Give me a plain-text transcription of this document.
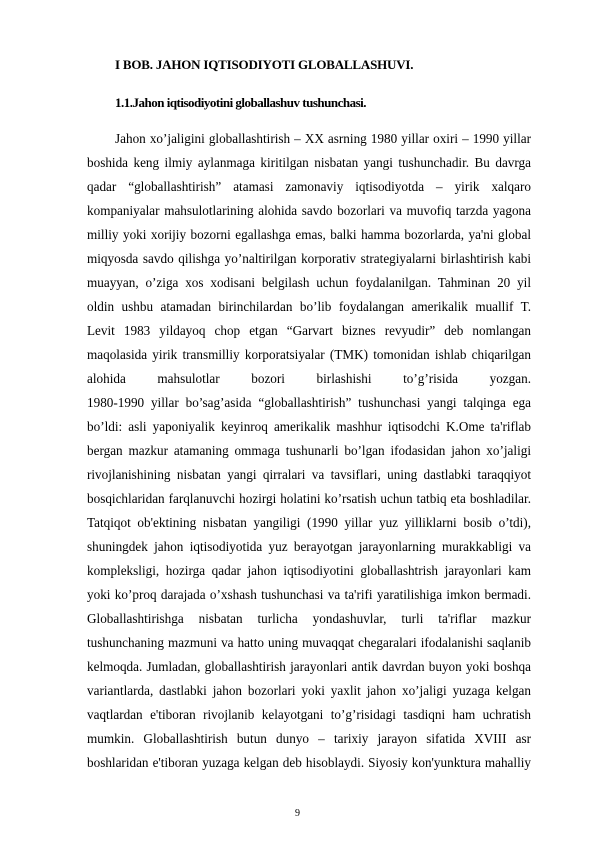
I BOB. JAHON IQTISODIYOTI GLOBALLASHUVI.
1.1.Jahon iqtisodiyotini globallashuv tushunchasi.
Jahon xo’jaligini globallashtirish – XX asrning 1980 yillar oxiri – 1990 yillar
boshida keng ilmiy aylanmaga kiritilgan nisbatan yangi tushunchadir. Bu davrga
qadar “globallashtirish” atamasi zamonaviy iqtisodiyotda – yirik xalqaro
kompaniyalar mahsulotlarining alohida savdo bozorlari va muvofiq tarzda yagona
milliy yoki xorijiy bozorni egallashga emas, balki hamma bozorlarda, ya'ni global
miqyosda savdo qilishga yo’naltirilgan korporativ strategiyalarni birlashtirish kabi
muayyan, o’ziga xos xodisani belgilash uchun foydalanilgan. Tahminan 20 yil
oldin ushbu atamadan birinchilardan bo’lib foydalangan amerikalik muallif T.
Levit 1983 yildayoq chop etgan “Garvart biznes revyudir” deb nomlangan
maqolasida yirik transmilliy korporatsiyalar (TMK) tomonidan ishlab chiqarilgan
alohida mahsulotlar bozori birlashishi to’g’risida yozgan.
1980-1990 yillar bo’sag’asida “globallashtirish” tushunchasi yangi talqinga ega
bo’ldi: asli yaponiyalik keyinroq amerikalik mashhur iqtisodchi K.Ome ta'riflab
bergan mazkur atamaning ommaga tushunarli bo’lgan ifodasidan jahon xo’jaligi
rivojlanishining nisbatan yangi qirralari va tavsiflari, uning dastlabki taraqqiyot
bosqichlaridan farqlanuvchi hozirgi holatini ko’rsatish uchun tatbiq eta boshladilar.
Tatqiqot ob'ektining nisbatan yangiligi (1990 yillar yuz yilliklarni bosib o’tdi),
shuningdek jahon iqtisodiyotida yuz berayotgan jarayonlarning murakkabligi va
kompleksligi, hozirga qadar jahon iqtisodiyotini globallashtrish jarayonlari kam
yoki ko’proq darajada o’xshash tushunchasi va ta'rifi yaratilishiga imkon bermadi.
Globallashtirishga nisbatan turlicha yondashuvlar, turli ta'riflar mazkur
tushunchaning mazmuni va hatto uning muvaqqat chegaralari ifodalanishi saqlanib
kelmoqda. Jumladan, globallashtirish jarayonlari antik davrdan buyon yoki boshqa
variantlarda, dastlabki jahon bozorlari yoki yaxlit jahon xo’jaligi yuzaga kelgan
vaqtlardan e'tiboran rivojlanib kelayotgani to’g’risidagi tasdiqni ham uchratish
mumkin. Globallashtirish butun dunyo – tarixiy jarayon sifatida XVIII asr
boshlaridan e'tiboran yuzaga kelgan deb hisoblaydi. Siyosiy kon'yunktura mahalliy
9
